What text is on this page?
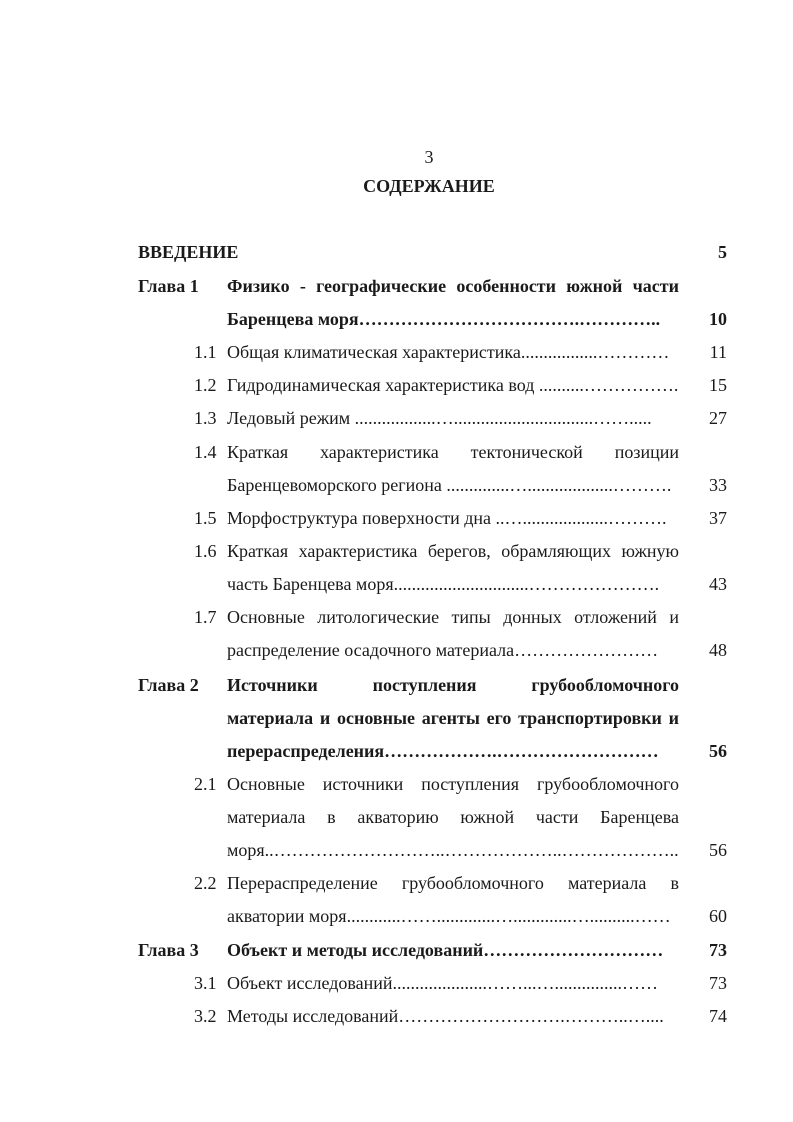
3
СОДЕРЖАНИЕ
ВВЕДЕНИЕ	5
Глава 1 Физико - географические особенности южной части
Баренцева моря……………………………….…………..	10
1.1 Общая климатическая характеристика.................…………	11
1.2 Гидродинамическая характеристика вод ..........…………….	15
1.3 Ледовый режим ..................…...............................…….....	27
1.4 Краткая характеристика тектонической позиции
Баренцевоморского региона ..............…...................……….	33
1.5 Морфоструктура поверхности дна ..…...................……….	37
1.6 Краткая характеристика берегов, обрамляющих южную
часть Баренцева моря..............................………………….	43
1.7 Основные литологические типы донных отложений и
распределение осадочного материала……………………	48
Глава 2 Источники поступления грубообломочного
материала и основные агенты его транспортировки и
перераспределения……………….………………………	56
2.1 Основные источники поступления грубообломочного
материала в акваторию южной части Баренцева
моря..………………………..………………..………………..	56
2.2 Перераспределение грубообломочного материала в
акватории моря............…….............….............…..........……	60
Глава 3 Объект и методы исследований…………………………	73
3.1 Объект исследований.....................……...…...............……	73
3.2 Методы исследований……………………….………..…....	74
